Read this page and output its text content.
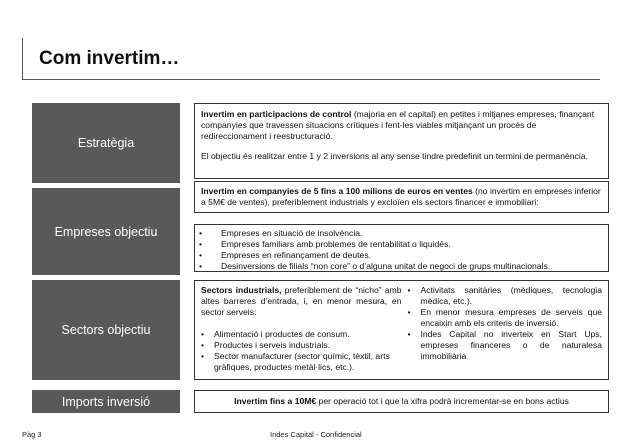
Com invertim…
Estratègia

Invertim en participacions de control (majoria en el capital) en petites i mitjanes empreses, finançant companyies que travessen situacions crítiques i fent-les viables mitjançant un procés de redireccionament i reestructuració.

El objectiu és realitzar entre 1 y 2 inversions al any sense tindre predefinit un termini de permanència.

Empreses objectiu

Invertim en companyies de 5 fins a 100 milions de euros en ventes (no invertim en empreses inferior a 5M€ de ventes), preferiblement industrials y excloïen els sectors financer e immobiliari:

• Empreses en situació de insolvència.
• Empreses familiars amb problemes de rentabilitat o liquidés.
• Empreses en refinançament de deutes.
• Desinversions de filials “non core” o d’alguna unitat de negoci de grups multinacionals.
Sectors objectiu

Sectors industrials, preferiblement de “nicho” amb altes barreres d’entrada, i, en menor mesura, en sector serveis:

• Alimentació i productes de consum.
• Productes i serveis industrials.
• Sector manufacturer (sector químic, tèxtil, arts gràfiques, productes metàl·lics, etc.).
• Activitats sanitàries (mèdiques, tecnologia mèdica, etc.).
• En menor mesura empreses de serveis que encaixin amb els criteris de inversió.
• Indes Capital no inverteix en Start Ups, empreses financeres o de naturalesa immobiliària
Imports inversió	Invertim fins a 10M€ per operació tot i que la xifra podrà incrementar-se en bons actius

Pàg 3	Indes Capital - Confidencial
